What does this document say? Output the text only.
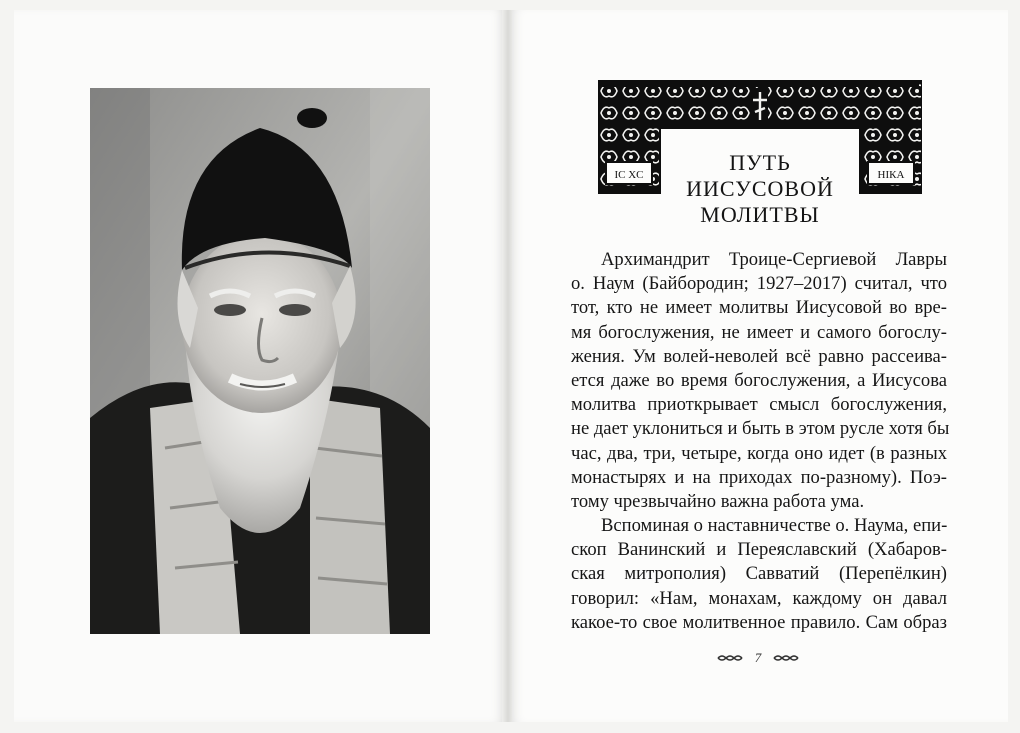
IC XC	НІКА
ПУТЬ
ИИСУСОВОЙ
МОЛИТВЫ
Архимандрит Троице-Сергиевой Лавры
о. Наум (Байбородин; 1927–2017) считал, что
тот, кто не имеет молитвы Иисусовой во вре-
мя богослужения, не имеет и самого богослу-
жения. Ум волей-неволей всё равно рассеива-
ется даже во время богослужения, а Иисусова
молитва приоткрывает смысл богослужения,
не дает уклониться и быть в этом русле хотя бы
час, два, три, четыре, когда оно идет (в разных
монастырях и на приходах по-разному). Поэ-
тому чрезвычайно важна работа ума.
Вспоминая о наставничестве о. Наума, епи-
скоп Ванинский и Переяславский (Хабаров-
ская митрополия) Савватий (Перепёлкин)
говорил: «Нам, монахам, каждому он давал
какое-то свое молитвенное правило. Сам образ
7
